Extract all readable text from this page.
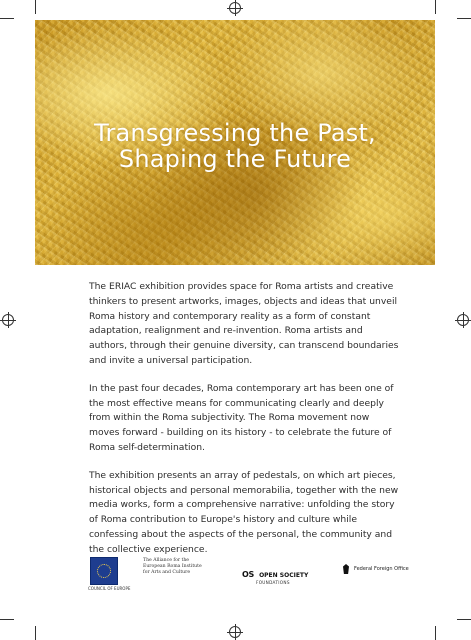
Transgressing the Past,
Shaping the Future

The ERIAC exhibition provides space for Roma artists and creative thinkers to present artworks, images, objects and ideas that unveil Roma history and contemporary reality as a form of constant adaptation, realignment and re-invention. Roma artists and authors, through their genuine diversity, can transcend boundaries and invite a universal participation.

In the past four decades, Roma contemporary art has been one of the most effective means for communicating clearly and deeply from within the Roma subjectivity. The Roma movement now moves forward - building on its history - to celebrate the future of Roma self-determination.

The exhibition presents an array of pedestals, on which art pieces, historical objects and personal memorabilia, together with the new media works, form a comprehensive narrative: unfolding the story of Roma contribution to Europe's history and culture while confessing about the aspects of the personal, the community and the collective experience.

COUNCIL OF EUROPE
The Alliance for the
European Roma Institute
for Arts and Culture	OS OPEN SOCIETY
FOUNDATIONS
Federal Foreign Office
